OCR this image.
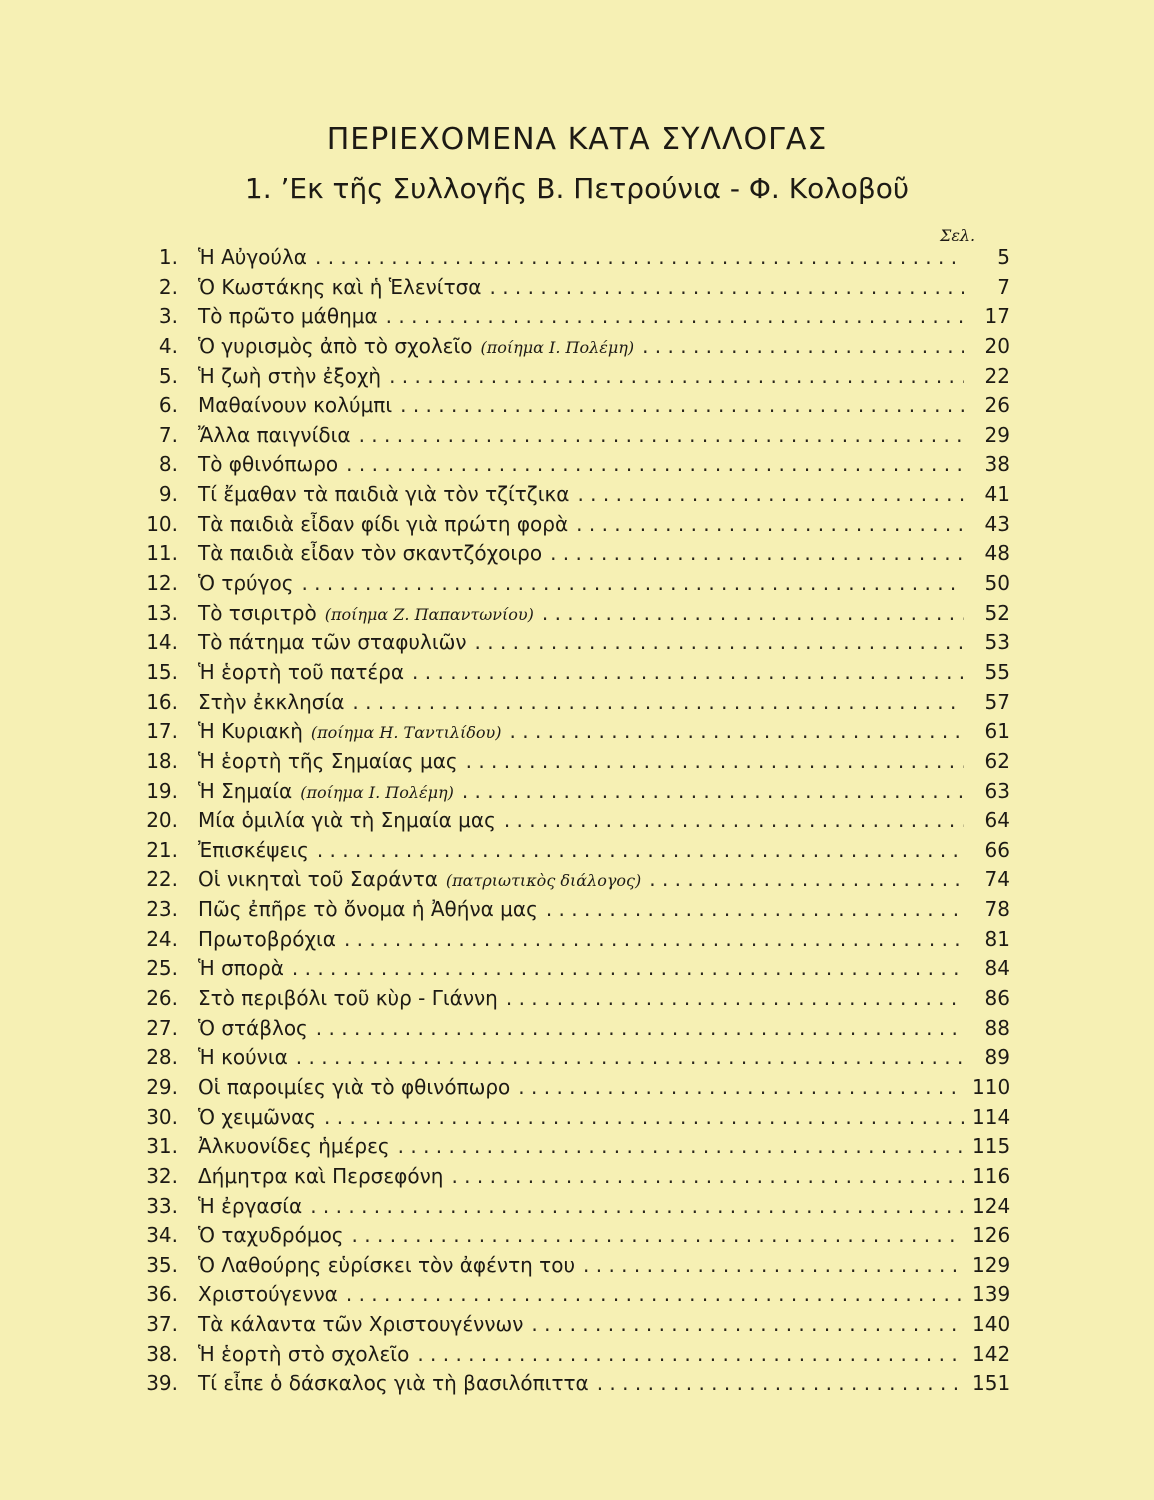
ΠΕΡΙΕΧΟΜΕΝΑ ΚΑΤΑ ΣΥΛΛΟΓΑΣ
1. ’Εκ τῆς Συλλογῆς Β. Πετρούνια - Φ. Κολοβοῦ
Σελ.
1. Ἡ Αὐγούλα . . .	5
2. Ὁ Κωστάκης καὶ ἡ Ἑλενίτσα . . .	7
3. Τὸ πρῶτο μάθημα . . .	17
4. Ὁ γυρισμὸς ἀπὸ τὸ σχολεῖο (ποίημα Ι. Πολέμη) . . .	20
5. Ἡ ζωὴ στὴν ἐξοχὴ . . .	22
6. Μαθαίνουν κολύμπι . . .	26
7. Ἄλλα παιγνίδια . . .	29
8. Τὸ φθινόπωρο . . .	38
9. Τί ἔμαθαν τὰ παιδιὰ γιὰ τὸν τζίτζικα . . .	41
10. Τὰ παιδιὰ εἶδαν φίδι γιὰ πρώτη φορὰ . . .	43
11. Τὰ παιδιὰ εἶδαν τὸν σκαντζόχοιρο . . .	48
12. Ὁ τρύγος . . .	50
13. Τὸ τσιριτρὸ (ποίημα Ζ. Παπαντωνίου) . . .	52
14. Τὸ πάτημα τῶν σταφυλιῶν . . .	53
15. Ἡ ἑορτὴ τοῦ πατέρα . . .	55
16. Στὴν ἐκκλησία . . .	57
17. Ἡ Κυριακὴ (ποίημα Η. Ταντιλίδου) . . .	61
18. Ἡ ἑορτὴ τῆς Σημαίας μας . . .	62
19. Ἡ Σημαία (ποίημα Ι. Πολέμη) . . .	63
20. Μία ὁμιλία γιὰ τὴ Σημαία μας . . .	64
21. Ἐπισκέψεις . . .	66
22. Οἱ νικηταὶ τοῦ Σαράντα (πατριωτικὸς διάλογος) . . .	74
23. Πῶς ἐπῆρε τὸ ὄνομα ἡ Ἀθήνα μας . . .	78
24. Πρωτοβρόχια . . .	81
25. Ἡ σπορὰ . . .	84
26. Στὸ περιβόλι τοῦ κὺρ - Γιάννη . . .	86
27. Ὁ στάβλος . . .	88
28. Ἡ κούνια . . .	89
29. Οἱ παροιμίες γιὰ τὸ φθινόπωρο . . .	110
30. Ὁ χειμῶνας . . .	114
31. Ἀλκυονίδες ἡμέρες . . .	115
32. Δήμητρα καὶ Περσεφόνη . . .	116
33. Ἡ ἐργασία . . .	124
34. Ὁ ταχυδρόμος . . .	126
35. Ὁ Λαθούρης εὑρίσκει τὸν ἀφέντη του . . .	129
36. Χριστούγεννα . . .	139
37. Τὰ κάλαντα τῶν Χριστουγέννων . . .	140
38. Ἡ ἑορτὴ στὸ σχολεῖο . . .	142
39. Τί εἶπε ὁ δάσκαλος γιὰ τὴ βασιλόπιττα . . .	151
